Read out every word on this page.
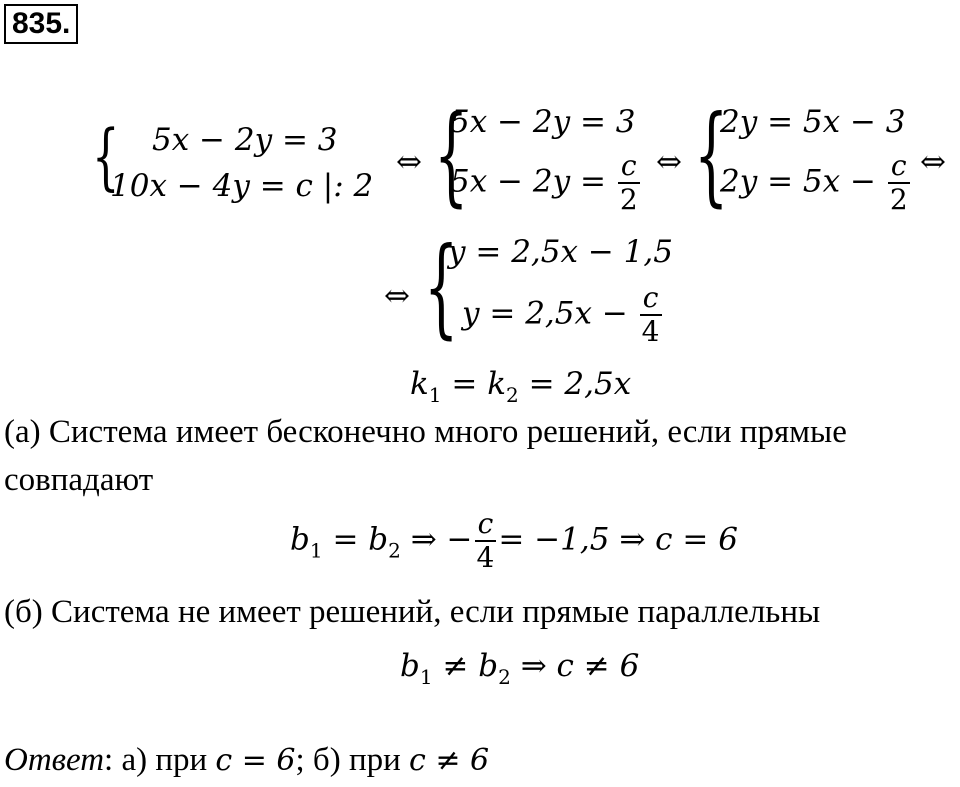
835.
{ 5x − 2y = 3
10x − 4y = c |: 2
⇔ {
5x − 2y = 3
$5x - 2y = \frac{c}{2}$ ⇔ {
2y = 5x − 3
$2y = 5x - \frac{c}{2}$ ⇔
⇔ {
y = 2,5x − 1,5
$y = 2,5x - \frac{c}{4}$
$k_1 = k_2 = 2,5x$
(a) Система имеет бесконечно много решений, если прямые
совпадают
$b_1 = b_2$ ⇒ − $\frac{c}{4} = -1,5$ ⇒ c = 6
(б) Система не имеет решений, если прямые параллельны
$b_1 \ne b_2$ ⇒ c ≠ 6
Ответ: а) при c = 6; б) при c ≠ 6
